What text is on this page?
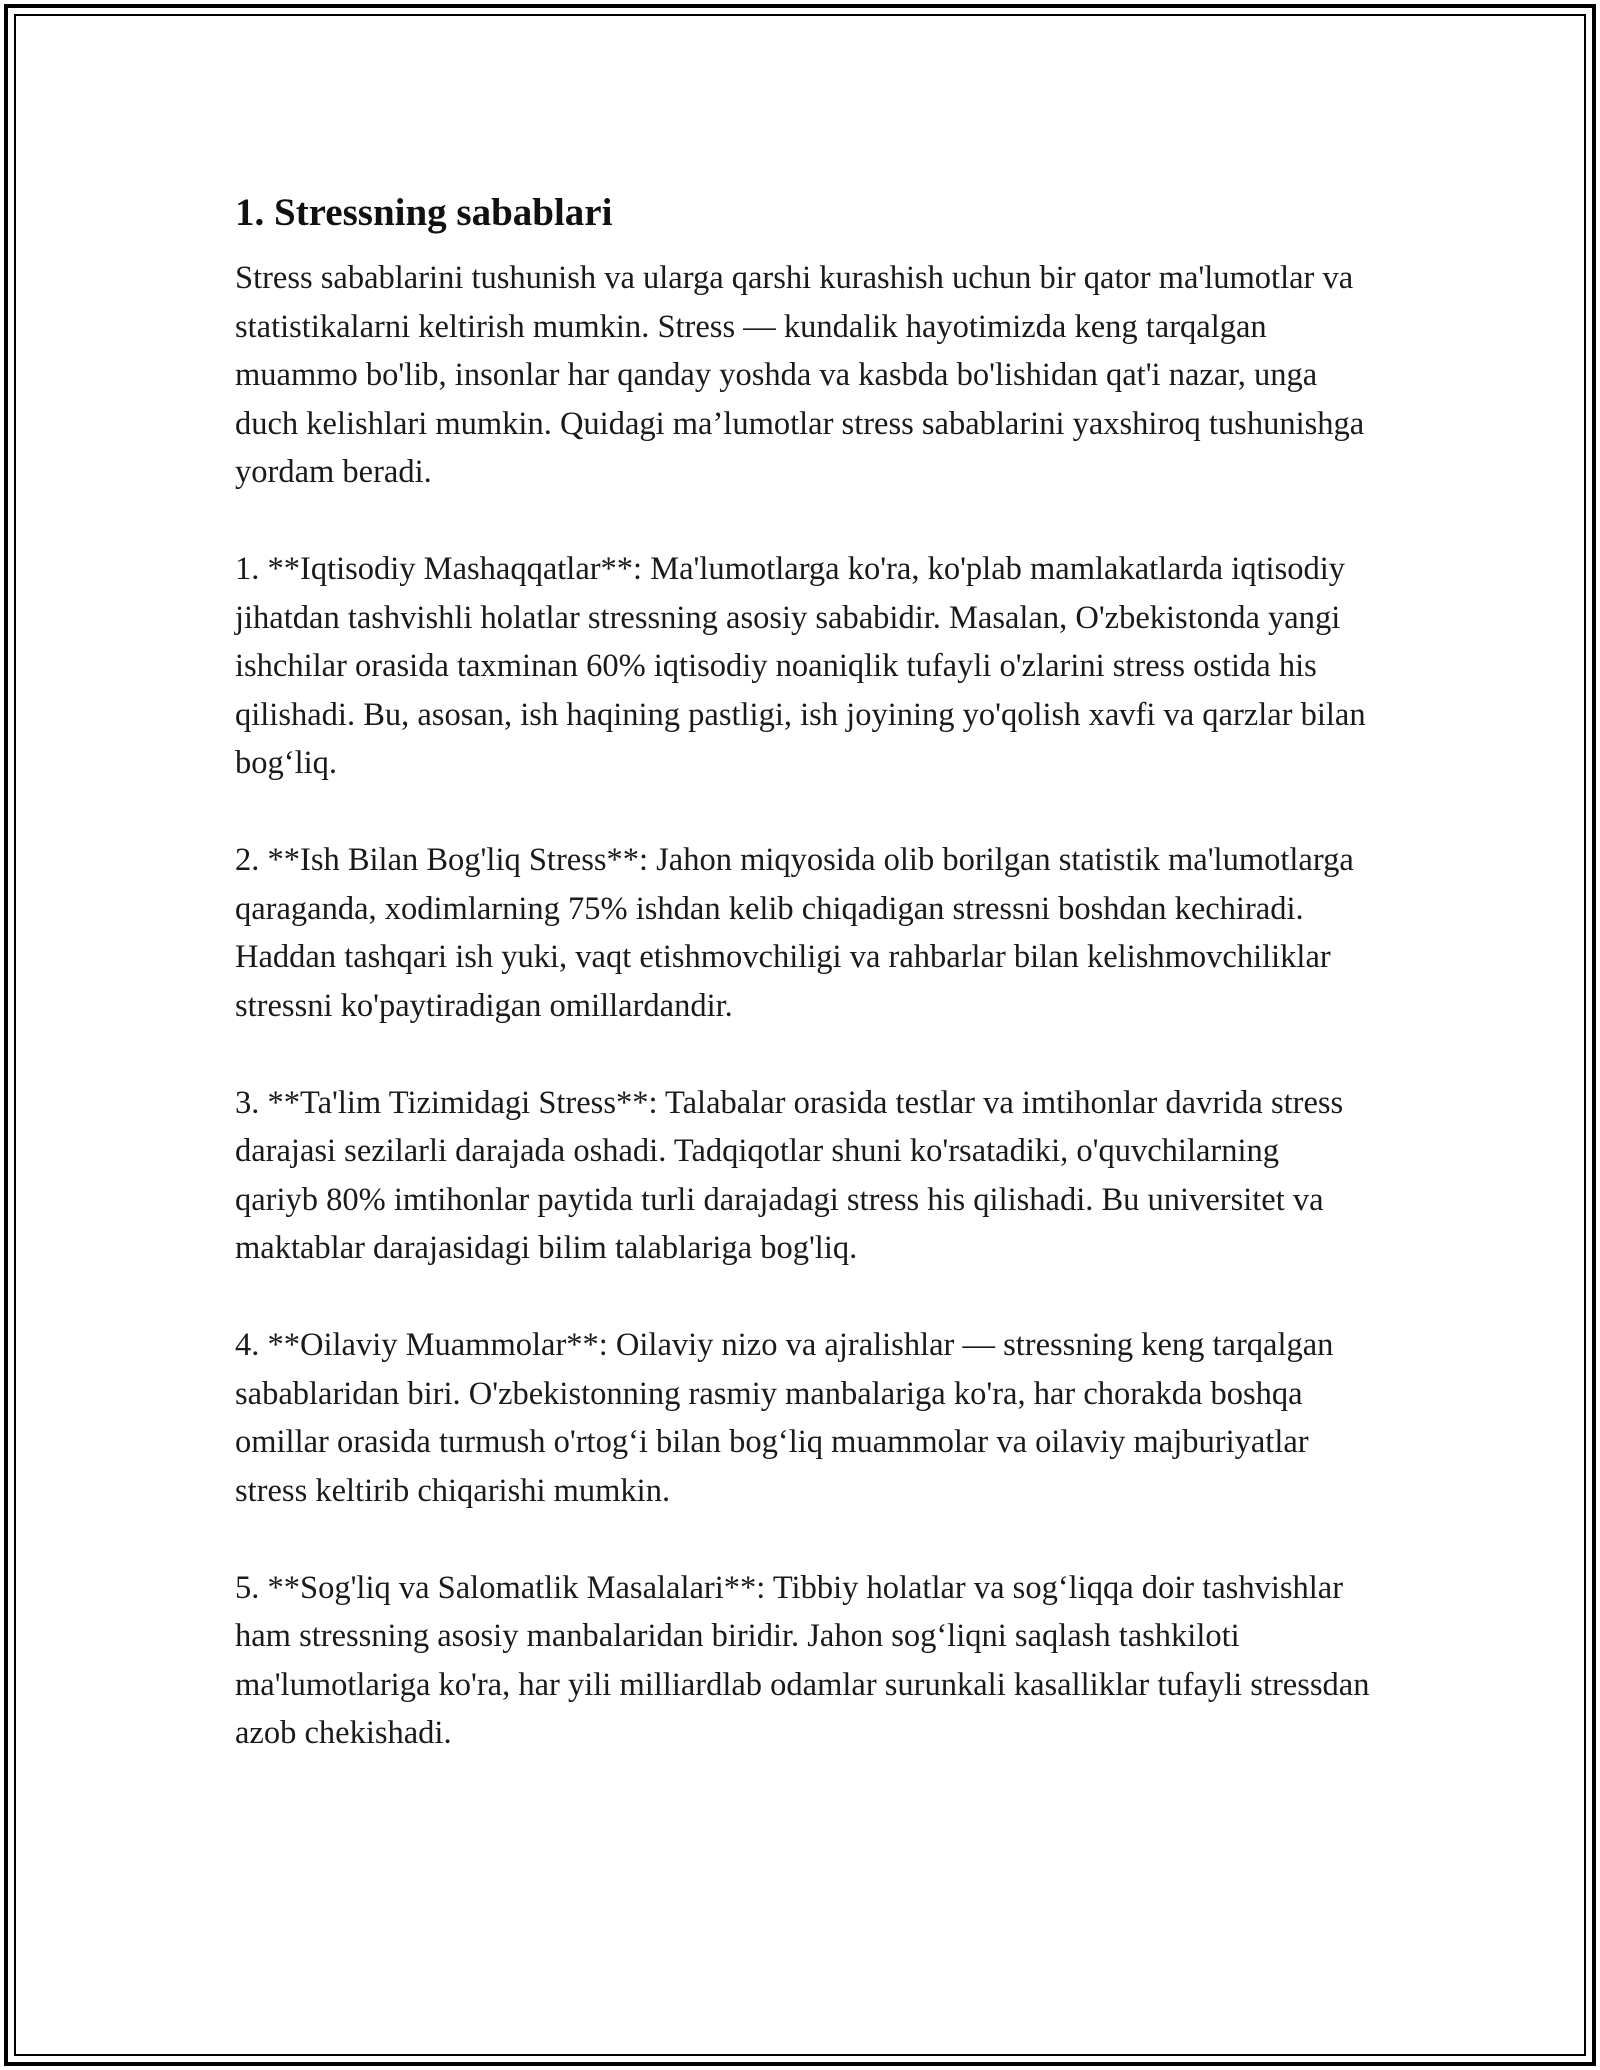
1. Stressning sabablari

Stress sabablarini tushunish va ularga qarshi kurashish uchun bir qator ma'lumotlar va statistikalarni keltirish mumkin. Stress — kundalik hayotimizda keng tarqalgan muammo bo'lib, insonlar har qanday yoshda va kasbda bo'lishidan qat'i nazar, unga duch kelishlari mumkin. Quidagi ma’lumotlar stress sabablarini yaxshiroq tushunishga yordam beradi.

1. **Iqtisodiy Mashaqqatlar**: Ma'lumotlarga ko'ra, ko'plab mamlakatlarda iqtisodiy jihatdan tashvishli holatlar stressning asosiy sababidir. Masalan, O'zbekistonda yangi ishchilar orasida taxminan 60% iqtisodiy noaniqlik tufayli o'zlarini stress ostida his qilishadi. Bu, asosan, ish haqining pastligi, ish joyining yo'qolish xavfi va qarzlar bilan bog‘liq.

2. **Ish Bilan Bog'liq Stress**: Jahon miqyosida olib borilgan statistik ma'lumotlarga qaraganda, xodimlarning 75% ishdan kelib chiqadigan stressni boshdan kechiradi. Haddan tashqari ish yuki, vaqt etishmovchiligi va rahbarlar bilan kelishmovchiliklar stressni ko'paytiradigan omillardandir.

3. **Ta'lim Tizimidagi Stress**: Talabalar orasida testlar va imtihonlar davrida stress darajasi sezilarli darajada oshadi. Tadqiqotlar shuni ko'rsatadiki, o'quvchilarning qariyb 80% imtihonlar paytida turli darajadagi stress his qilishadi. Bu universitet va maktablar darajasidagi bilim talablariga bog'liq.

4. **Oilaviy Muammolar**: Oilaviy nizo va ajralishlar — stressning keng tarqalgan sabablaridan biri. O'zbekistonning rasmiy manbalariga ko'ra, har chorakda boshqa omillar orasida turmush o'rtog‘i bilan bog‘liq muammolar va oilaviy majburiyatlar stress keltirib chiqarishi mumkin.

5. **Sog'liq va Salomatlik Masalalari**: Tibbiy holatlar va sog‘liqqa doir tashvishlar ham stressning asosiy manbalaridan biridir. Jahon sog‘liqni saqlash tashkiloti ma'lumotlariga ko'ra, har yili milliardlab odamlar surunkali kasalliklar tufayli stressdan azob chekishadi.
